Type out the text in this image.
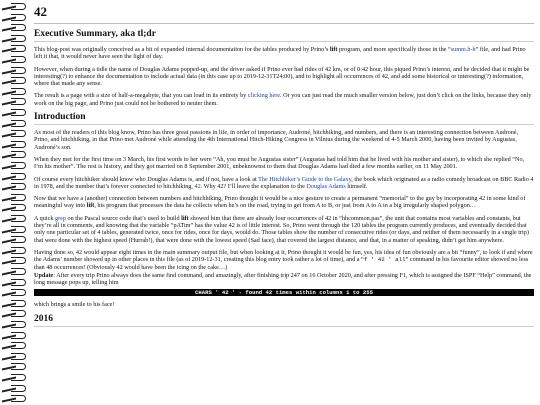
42
Executive Summary, aka tl;dr

This blog-post was originally conceived as a bit of expanded internal documentation for the tables produced by Prino’s lift program, and more specifically those in the “summ.h-h” file, and had Prino left it that, it would never have seen the light of day.

However, when during a tidle the name of Douglas Adams popped-up, and the driver asked if Prino ever had rides of 42 km, or of 0:42 hour, this piqued Prino’s interest, and he decided that it might be interesting(?) to enhance the documentation to include actual data (in this case up to 2019-12-31T24:00), and to highlight all occurrences of 42, and add some historical or interesting(?) information, where that made any sense.

The result is a page with a size of half-a-megabyte, that you can load in its entirety by clicking here. Or you can just read the much smaller version below, just don’t click on the links, because they only work on the big page, and Prino just could not be bothered to neuter them.

Introduction

As most of the readers of this blog know, Prino has three great passions in life, in order of importance, Audroné, hitchhiking, and numbers, and there is an interesting connection between Audroné, Prino, and hitchhiking, in that Prino met Audroné while attending the 4th International Hitch-Hiking Congress in Vilnius during the weekend of 4-5 March 2000, having been invited by Augustas, Audroné’s son.

When they met for the first time on 3 March, his first words to her were “Ah, you must be Augustas sister” (Augustas had told him that he lived with his mother and sister), to which she replied “No, I’m his mother”. The rest is history, and they got married on 8 September 2001, unbeknownst to them that Douglas Adams had died a few months earlier, on 11 May 2001.

Of course every hitchhiker should know who Douglas Adams is, and if not, have a look at The Hitchhiker’s Guide to the Galaxy, the book which originated as a radio comedy broadcast on BBC Radio 4 in 1978, and the number that’s forever connected to hitchhiking, 42. Why 42? I’ll leave the explanation to the Douglas Adams himself.

Now that we have a (another) connection between numbers and hitchhiking, Prino thought it would be a nice gesture to create a permanent “memorial” to the guy by incorporating 42 in some kind of meaningful way into lift, his program that processes the data he collects when he’s on the road, trying to get from A to B, or just from A to A in a big irregularly shaped polygon…

A quick grep on the Pascal source code that’s used to build lift showed him that there are already four occurrences of 42 in “hhcommon.pas”, the unit that contains most variables and constants, but they’re all in comments, and knowing that the variable “pATim” has the value 42 is of little interest. So, Prino went through the 120 tables the program currently produces, and eventually decided that only one particular set of 4 tables, generated twice, once for rides, once for days, would do. Those tables show the number of consecutive rides (or days, and neither of them necessarily in a single trip) that were done with the highest speed (Hurrah!), that were done with the lowest speed (Sad face), that covered the largest distance, and that, in a matter of speaking, didn’t get him anywhere.

Having done so, 42 would appear eight times in the main summary output file, but when looking at it, Prino thought it would be fun, yes, his idea of fun obviously are a bit “funny”, to look if and where the Adams’ number showed up in other places in this file (as of 2019-12-31, creating this blog entry took rather a lot of time), and a “f ' 42 ' all” command in his favourite editor showed no less than 48 occurrences! (Obviously 42 would have been the icing on the cake…)

Update: After every trip Prino always does the same find command, and amazingly, after finishing trip 247 on 16 October 2020, and after pressing F1, which is assigned the ISPF “Help” command, the long message pops up, telling him

CHARS ' 42 ' - found 42 times within columns 1 to 255

which brings a smile to his face!

2016
